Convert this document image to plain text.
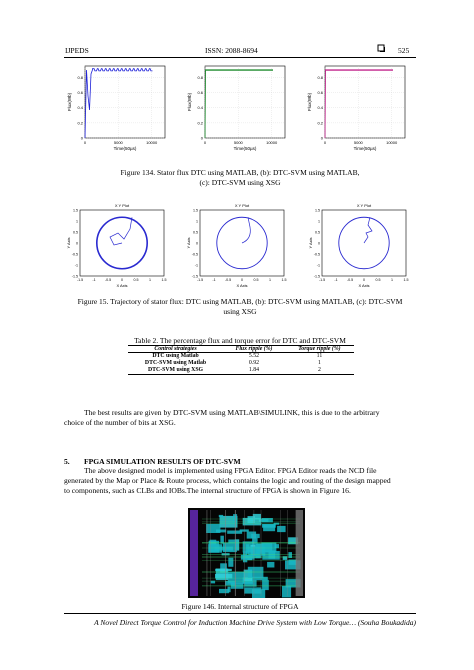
IJPEDS	ISSN: 2088-8694	525
0
0.2
0.4
0.6
0.8
0	5000	10000
Time(50µs)
Flux(Wb)
0
0.2
0.4
0.6
0.8
0	5000	10000
Time(50µs)
Flux(Wb)
0
0.2
0.4
0.6
0.8
0	5000	10000
Time(50µs)
Flux(Wb)
Figure 134. Stator flux DTC using MATLAB, (b): DTC-SVM using MATLAB,
(c): DTC-SVM using XSG
X Y Plot
-1.5
-1.5
-1
-1
-0.5
-0.5
0
0
0.5
0.5
1
1
1.5
1.5
X Axis
Y Axis
X Y Plot
-1.5
-1.5
-1
-1
-0.5
-0.5
0
0
0.5
0.5
1
1
1.5
1.5
X Axis
Y Axis
X Y Plot
-1.5
-1.5
-1
-1
-0.5
-0.5
0
0
0.5
0.5
1
1
1.5
1.5
X Axis
Y Axis
Figure 15. Trajectory of stator flux: DTC using MATLAB, (b): DTC-SVM using MATLAB, (c): DTC-SVM
using XSG
Table 2. The percentage flux and torque error for DTC and DTC-SVM
Control strategies	Flux ripple (%)	Torque ripple (%)
DTC using Matlab	5.52	11
DTC-SVM using Matlab	0.92	1
DTC-SVM using XSG	1.84	2
The best results are given by DTC-SVM using MATLAB\SIMULINK, this is due to the arbitrary
choice of the number of bits at XSG.
5. FPGA SIMULATION RESULTS OF DTC-SVM
The above designed model is implemented using FPGA Editor. FPGA Editor reads the NCD file
generated by the Map or Place & Route process, which contains the logic and routing of the design mapped
to components, such as CLBs and IOBs.The internal structure of FPGA is shown in Figure 16.
Figure 146. Internal structure of FPGA
A Novel Direct Torque Control for Induction Machine Drive System with Low Torque… (Souha Boukadida)
